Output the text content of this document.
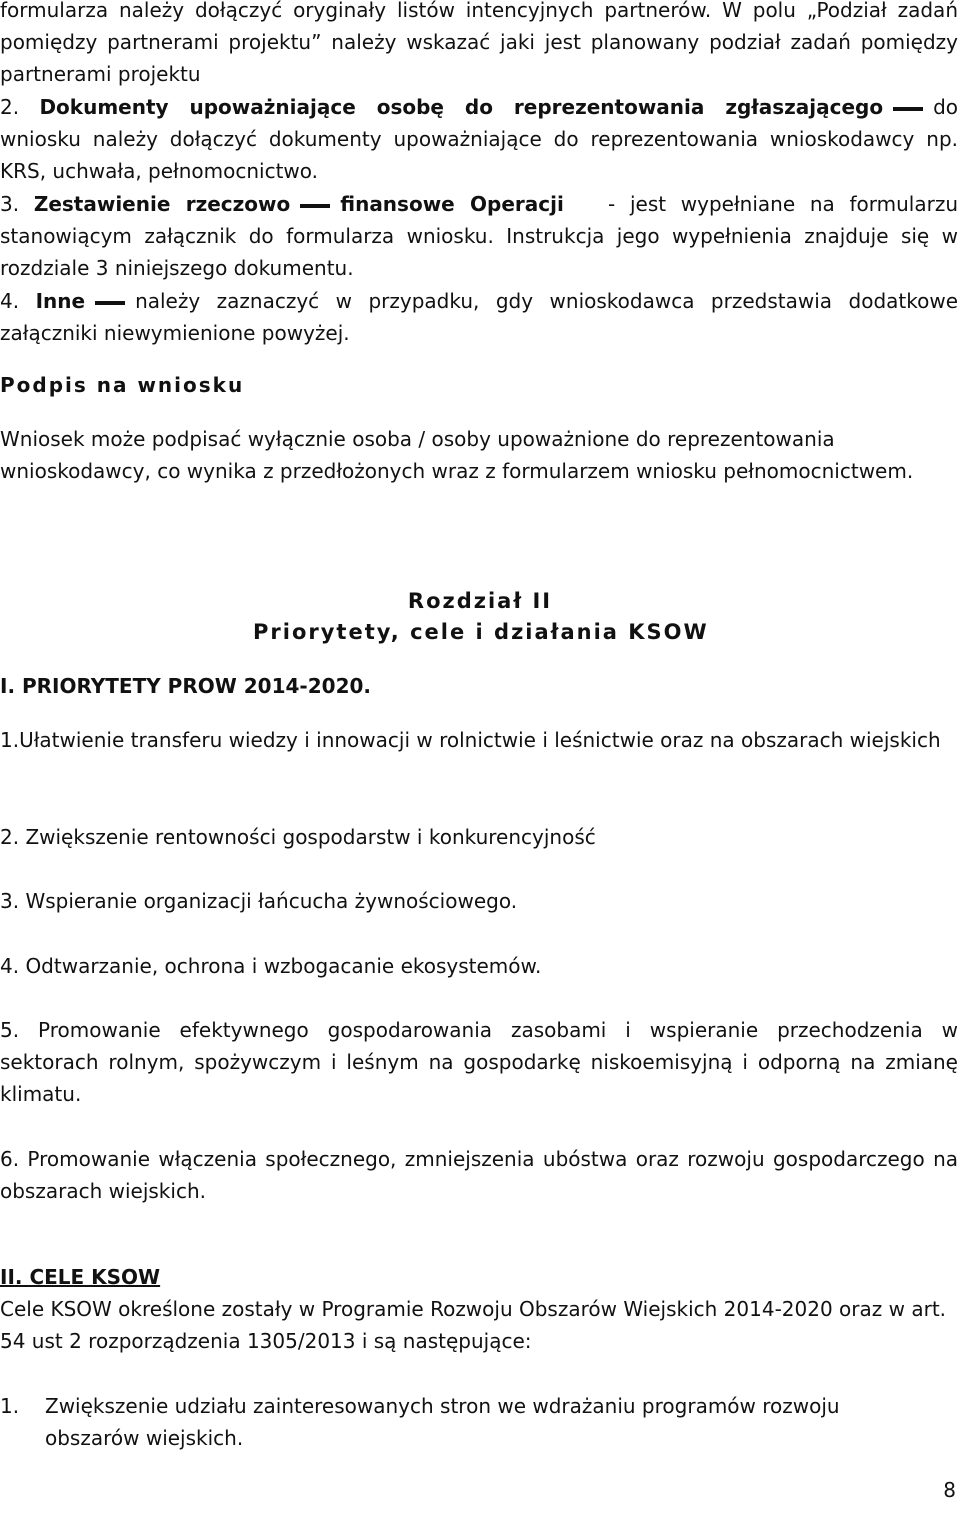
formularza należy dołączyć oryginały listów intencyjnych partnerów. W polu „Podział zadań pomiędzy partnerami projektu” należy wskazać jaki jest planowany podział zadań pomiędzy partnerami projektu

2. Dokumenty upoważniające osobę do reprezentowania zgłaszającego	do wniosku należy dołączyć dokumenty upoważniające do reprezentowania wnioskodawcy np. KRS, uchwała, pełnomocnictwo.

3. Zestawienie rzeczowo	finansowe Operacji - jest wypełniane na formularzu stanowiącym załącznik do formularza wniosku. Instrukcja jego wypełnienia znajduje się w rozdziale 3 niniejszego dokumentu.

4. Inne	należy zaznaczyć w przypadku, gdy wnioskodawca przedstawia dodatkowe załączniki niewymienione powyżej.

Podpis na wniosku

Wniosek może podpisać wyłącznie osoba / osoby upoważnione do reprezentowania wnioskodawcy, co wynika z przedłożonych wraz z formularzem wniosku pełnomocnictwem.

Rozdział II
Priorytety, cele i działania KSOW
I. PRIORYTETY PROW 2014-2020.

1.Ułatwienie transferu wiedzy i innowacji w rolnictwie i leśnictwie oraz na obszarach wiejskich

2. Zwiększenie rentowności gospodarstw i konkurencyjność

3. Wspieranie organizacji łańcucha żywnościowego.

4. Odtwarzanie, ochrona i wzbogacanie ekosystemów.

5. Promowanie efektywnego gospodarowania zasobami i wspieranie przechodzenia w sektorach rolnym, spożywczym i leśnym na gospodarkę niskoemisyjną i odporną na zmianę klimatu.

6. Promowanie włączenia społecznego, zmniejszenia ubóstwa oraz rozwoju gospodarczego na obszarach wiejskich.

II. CELE KSOW

Cele KSOW określone zostały w Programie Rozwoju Obszarów Wiejskich 2014-2020 oraz w art. 54 ust 2 rozporządzenia 1305/2013 i są następujące:

1. Zwiększenie udziału zainteresowanych stron we wdrażaniu programów rozwoju obszarów wiejskich.
8
